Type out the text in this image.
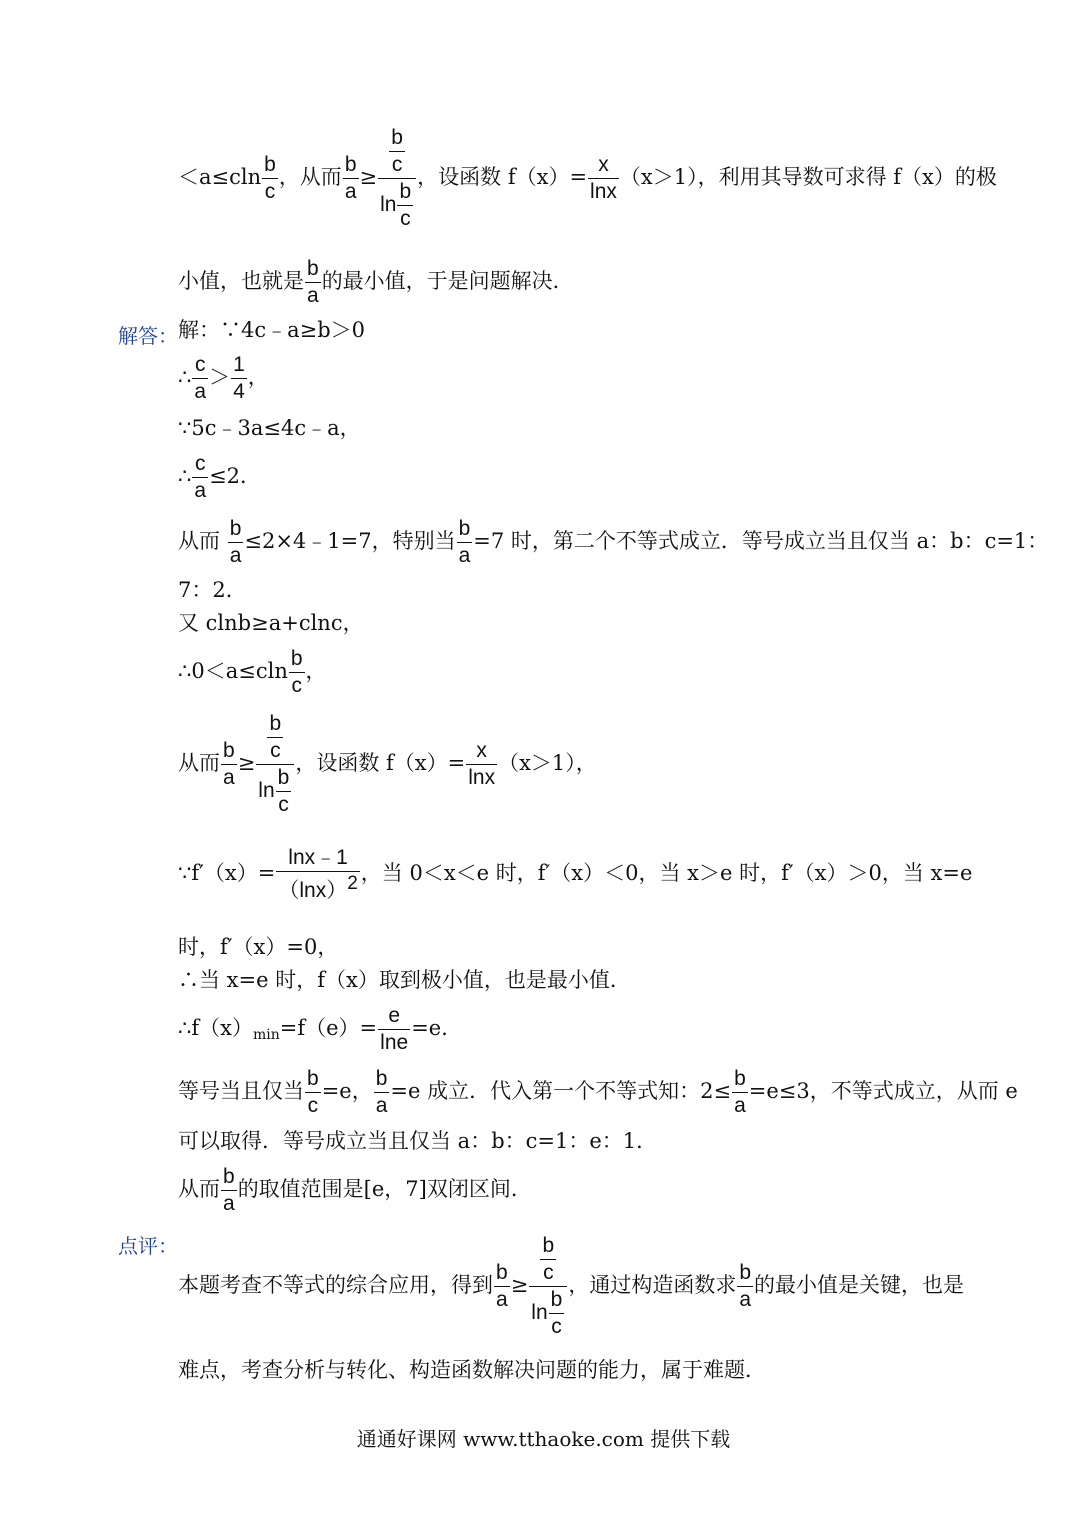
$<a\le cln \frac{b}{c}$ ，从而 $\frac{b}{a} \ge \frac{\frac{b}{c}}{\ln \frac{b}{c}}$ ，设函数 $f(x)= \frac{x}{\ln x} (x>1)$，利用其导数可求得 f（x）的极
小值，也就是 $\frac{b}{a}$ 的最小值，于是问题解决．
解答： 解：∵4c﹣a≥b＞0
∴ $\frac{c}{a} > \frac{1}{4}$ ，
∵5c﹣3a≤4c﹣a，
∴ $\frac{c}{a} \le 2$．
从而 $\frac{b}{a}$ ≤2×4﹣1=7，特别当 $\frac{b}{a} =7$ 时，第二个不等式成立．等号成立当且仅当 a：b：c=1：
7：2．
又 clnb≥a+clnc，
∴0＜a≤cln $\frac{b}{c}$ ，
从而 $\frac{b}{a} \ge \frac{\frac{b}{c}}{\ln \frac{b}{c}}$ ，设函数 $f(x)= \frac{x}{\ln x} (x>1)$，
∵f′（x）= $\frac{\ln x﹣1}{(\ln x)^2}$ ，当 0＜x＜e 时，f′（x）＜0，当 x＞e 时，f′（x）＞0，当 x=e
时，f′（x）=0，
∴当 x=e 时，f（x）取到极小值，也是最小值．
$\therefore f(x)_{min}=f(e)= \frac{e}{\ln e} =e$．
等号当且仅当 $\frac{b}{c} =e$， $\frac{b}{a} =e$ 成立．代入第一个不等式知：$2\le \frac{b}{a} =e\le 3$，不等式成立，从而 e
可以取得．等号成立当且仅当 a：b：c=1：e：1．
从而 $\frac{b}{a}$ 的取值范围是[e，7]双闭区间．
点评：
本题考查不等式的综合应用，得到 $\frac{b}{a} \ge \frac{\frac{b}{c}}{\ln \frac{b}{c}}$ ，通过构造函数求 $\frac{b}{a}$ 的最小值是关键，也是
难点，考查分析与转化、构造函数解决问题的能力，属于难题．
通通好课网 www.tthaoke.com 提供下载
